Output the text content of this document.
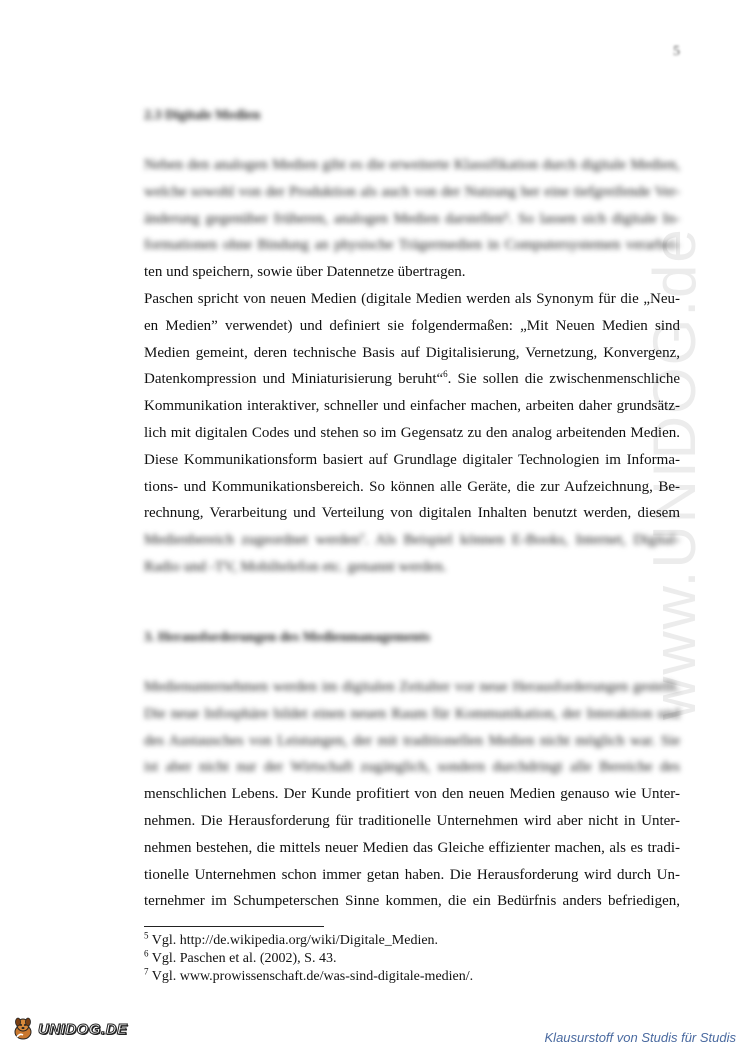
www.UNIDOG.de
5
2.3 Digitale Medien
Neben den analogen Medien gibt es die erweiterte Klassifikation durch digitale Medien,
welche sowohl von der Produktion als auch von der Nutzung her eine tiefgreifende Ver-
änderung gegenüber früheren, analogen Medien darstellen⁵. So lassen sich digitale In-
formationen ohne Bindung an physische Trägermedien in Computersystemen verarbei-
ten und speichern, sowie über Datennetze übertragen.
Paschen spricht von neuen Medien (digitale Medien werden als Synonym für die „Neu-
en Medien” verwendet) und definiert sie folgendermaßen: „Mit Neuen Medien sind
Medien gemeint, deren technische Basis auf Digitalisierung, Vernetzung, Konvergenz,
Datenkompression und Miniaturisierung beruht“$^6$. Sie sollen die zwischenmenschliche
Kommunikation interaktiver, schneller und einfacher machen, arbeiten daher grundsätz-
lich mit digitalen Codes und stehen so im Gegensatz zu den analog arbeitenden Medien.
Diese Kommunikationsform basiert auf Grundlage digitaler Technologien im Informa-
tions- und Kommunikationsbereich. So können alle Geräte, die zur Aufzeichnung, Be-
rechnung, Verarbeitung und Verteilung von digitalen Inhalten benutzt werden, diesem
Medienbereich zugeordnet werden⁷. Als Beispiel können E-Books, Internet, Digital-
Radio und -TV, Mobiltelefon etc. genannt werden.
3. Herausforderungen des Medienmanagements
Medienunternehmen werden im digitalen Zeitalter vor neue Herausforderungen gestellt.
Die neue Infosphäre bildet einen neuen Raum für Kommunikation, der Interaktion und
des Austausches von Leistungen, der mit traditionellen Medien nicht möglich war. Sie
ist aber nicht nur der Wirtschaft zugänglich, sondern durchdringt alle Bereiche des
menschlichen Lebens. Der Kunde profitiert von den neuen Medien genauso wie Unter-
nehmen. Die Herausforderung für traditionelle Unternehmen wird aber nicht in Unter-
nehmen bestehen, die mittels neuer Medien das Gleiche effizienter machen, als es tradi-
tionelle Unternehmen schon immer getan haben. Die Herausforderung wird durch Un-
ternehmer im Schumpeterschen Sinne kommen, die ein Bedürfnis anders befriedigen,
$^5$ Vgl. http://de.wikipedia.org/wiki/Digitale_Medien.
$^6$ Vgl. Paschen et al. (2002), S. 43.
$^7$ Vgl. www.prowissenschaft.de/was-sind-digitale-medien/.
UNIDOG.DE	Klausurstoff von Studis für Studis
